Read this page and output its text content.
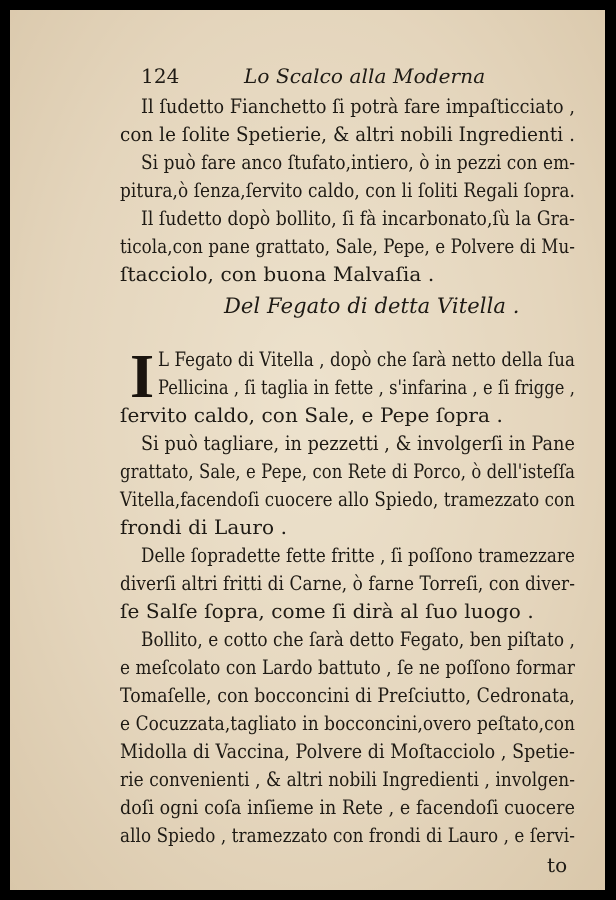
124	Lo Scalco alla Moderna
Il ſudetto Fianchetto ſi potrà fare impaſticciato ,
con le ſolite Spetierie, & altri nobili Ingredienti .
Si può fare anco ſtufato,intiero, ò in pezzi con em-
pitura,ò ſenza,ſervito caldo, con li ſoliti Regali ſopra.
Il ſudetto dopò bollito, ſi fà incarbonato,ſù la Gra-
ticola,con pane grattato, Sale, Pepe, e Polvere di Mu-
ſtacciolo, con buona Malvaſia .
Del Fegato di detta Vitella .
I L Fegato di Vitella , dopò che ſarà netto della ſua
Pellicina , ſi taglia in fette , s'infarina , e ſi frigge ,
ſervito caldo, con Sale, e Pepe ſopra .
Si può tagliare, in pezzetti , & involgerſi in Pane
grattato, Sale, e Pepe, con Rete di Porco, ò dell'isteſſa
Vitella,facendoſi cuocere allo Spiedo, tramezzato con
frondi di Lauro .
Delle ſopradette fette fritte , ſi poſſono tramezzare
diverſi altri fritti di Carne, ò farne Torreſi, con diver-
ſe Salſe ſopra, come ſi dirà al ſuo luogo .
Bollito, e cotto che ſarà detto Fegato, ben piſtato ,
e meſcolato con Lardo battuto , ſe ne poſſono formar
Tomaſelle, con bocconcini di Preſciutto, Cedronata,
e Cocuzzata,tagliato in bocconcini,overo peſtato,con
Midolla di Vaccina, Polvere di Moſtacciolo , Spetie-
rie convenienti , & altri nobili Ingredienti , involgen-
doſi ogni coſa inſieme in Rete , e facendoſi cuocere
allo Spiedo , tramezzato con frondi di Lauro , e ſervi-
to
